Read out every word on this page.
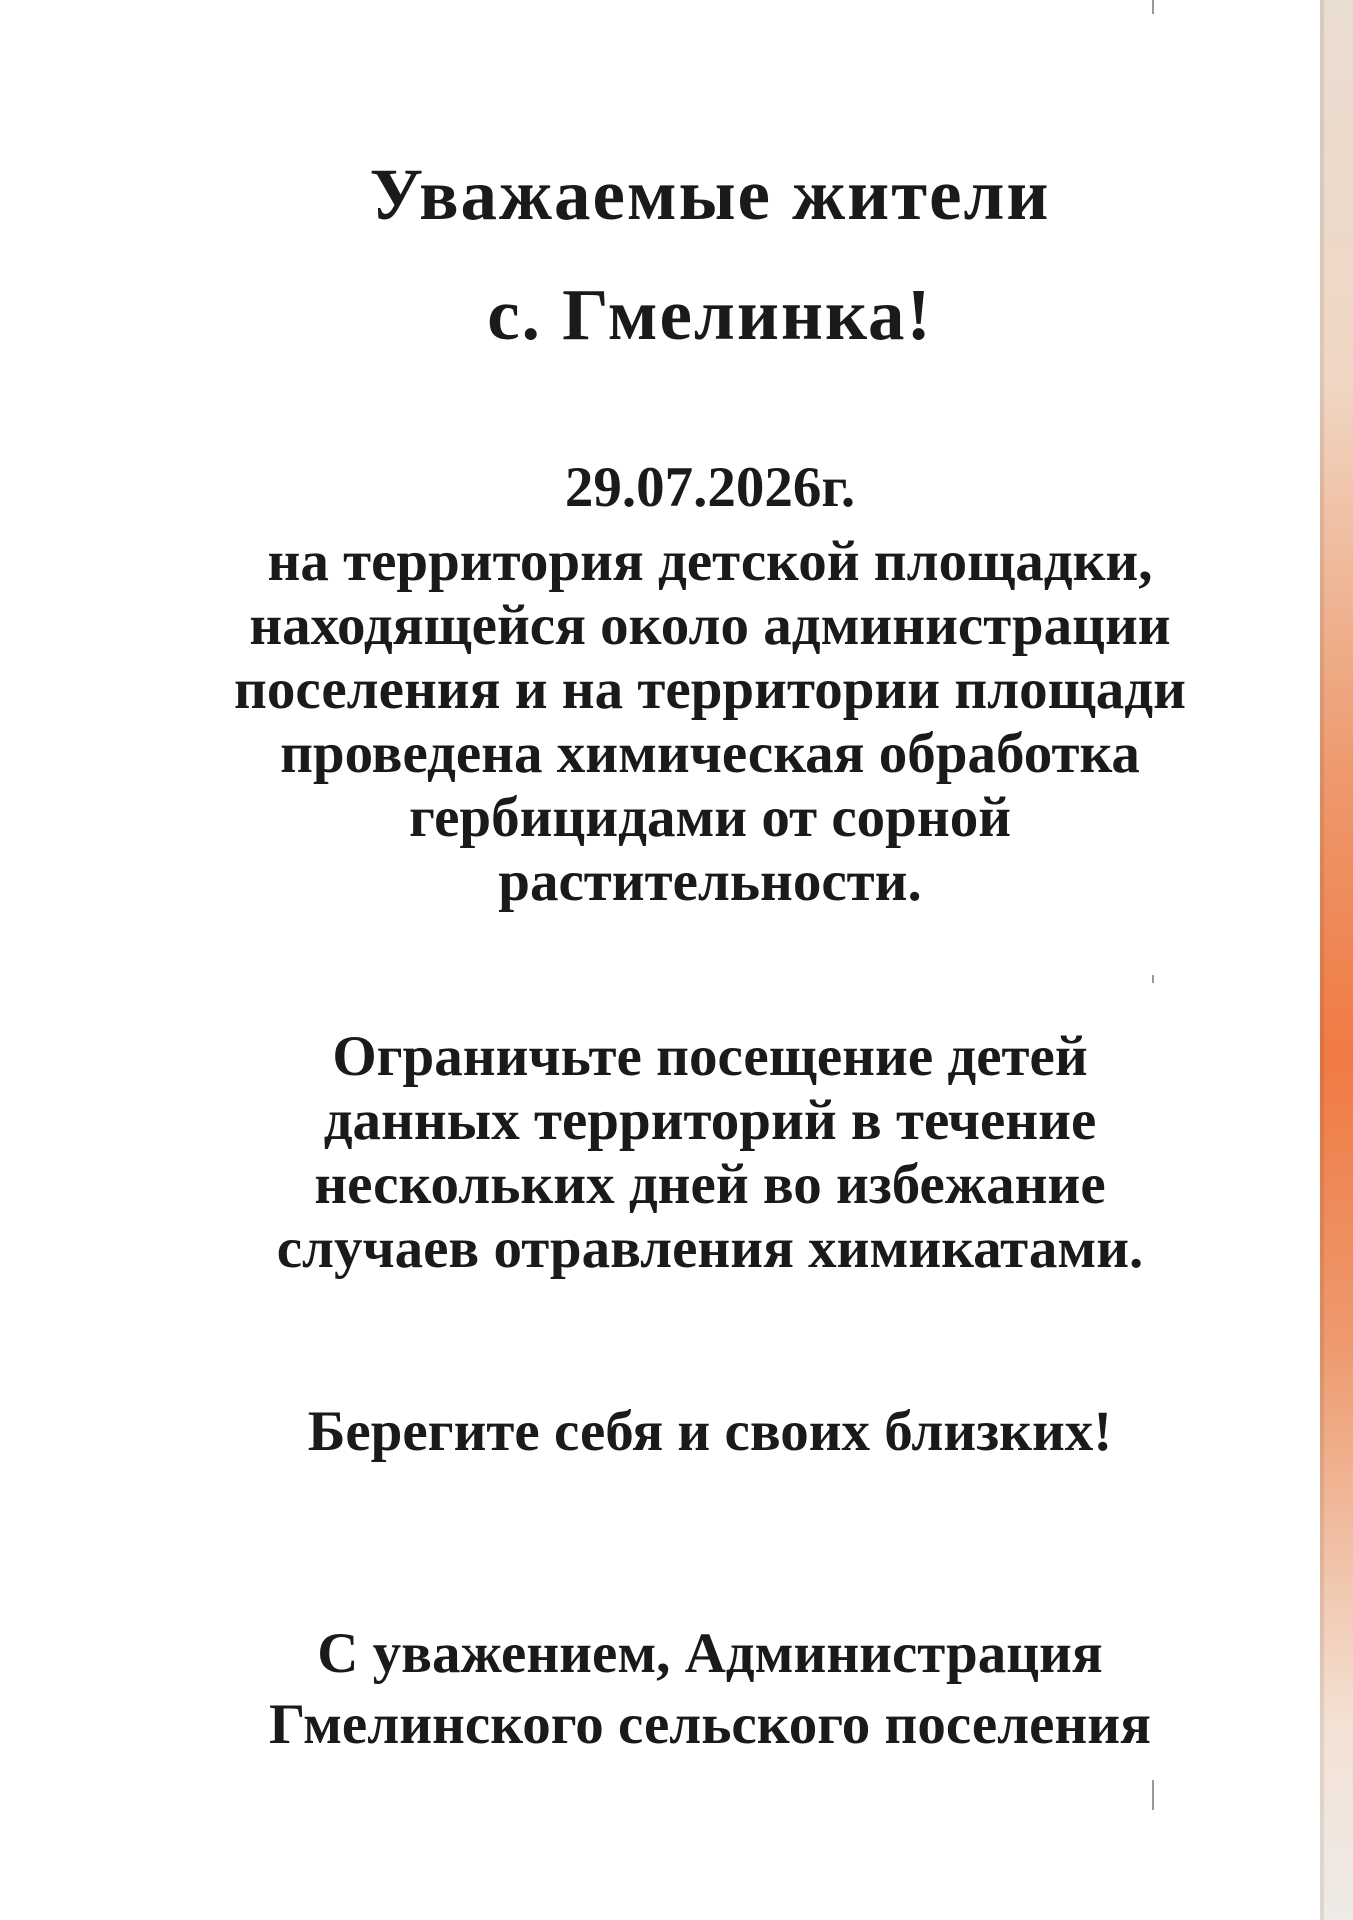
Уважаемые жители
с. Гмелинка!
29.07.2026г.
на территория детской площадки,
находящейся около администрации
поселения и на территории площади
проведена химическая обработка
гербицидами от сорной
растительности.
Ограничьте посещение детей
данных территорий в течение
нескольких дней во избежание
случаев отравления химикатами.
Берегите себя и своих близких!
С уважением, Администрация
Гмелинского сельского поселения
